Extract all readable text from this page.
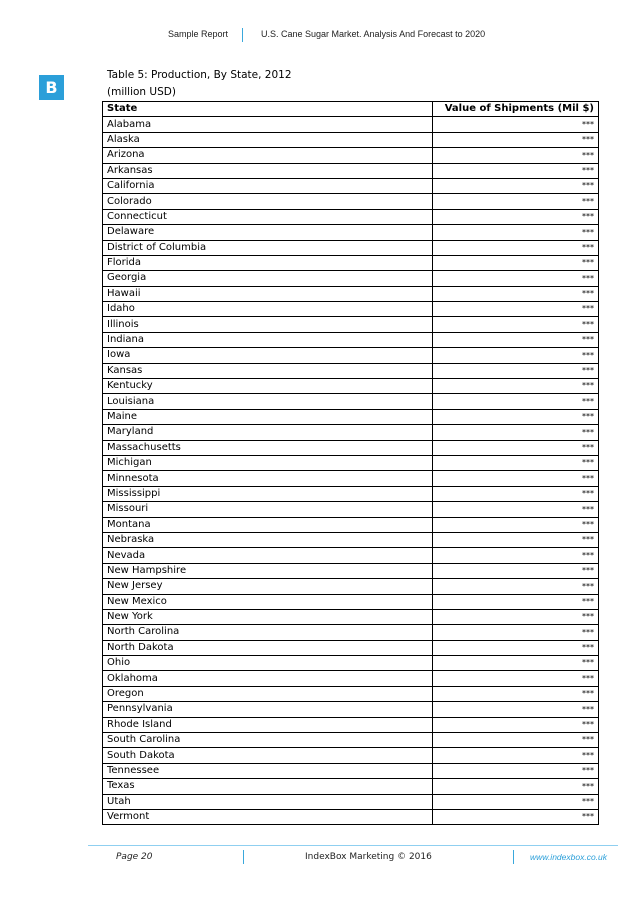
Sample Report	U.S. Cane Sugar Market. Analysis And Forecast to 2020
B
Table 5: Production, By State, 2012
(million USD)
State	Value of Shipments (Mil $)
Alabama	***
Alaska	***
Arizona	***
Arkansas	***
California	***
Colorado	***
Connecticut	***
Delaware	***
District of Columbia	***
Florida	***
Georgia	***
Hawaii	***
Idaho	***
Illinois	***
Indiana	***
Iowa	***
Kansas	***
Kentucky	***
Louisiana	***
Maine	***
Maryland	***
Massachusetts	***
Michigan	***
Minnesota	***
Mississippi	***
Missouri	***
Montana	***
Nebraska	***
Nevada	***
New Hampshire	***
New Jersey	***
New Mexico	***
New York	***
North Carolina	***
North Dakota	***
Ohio	***
Oklahoma	***
Oregon	***
Pennsylvania	***
Rhode Island	***
South Carolina	***
South Dakota	***
Tennessee	***
Texas	***
Utah	***
Vermont	***
Page 20	IndexBox Marketing © 2016	www.indexbox.co.uk
